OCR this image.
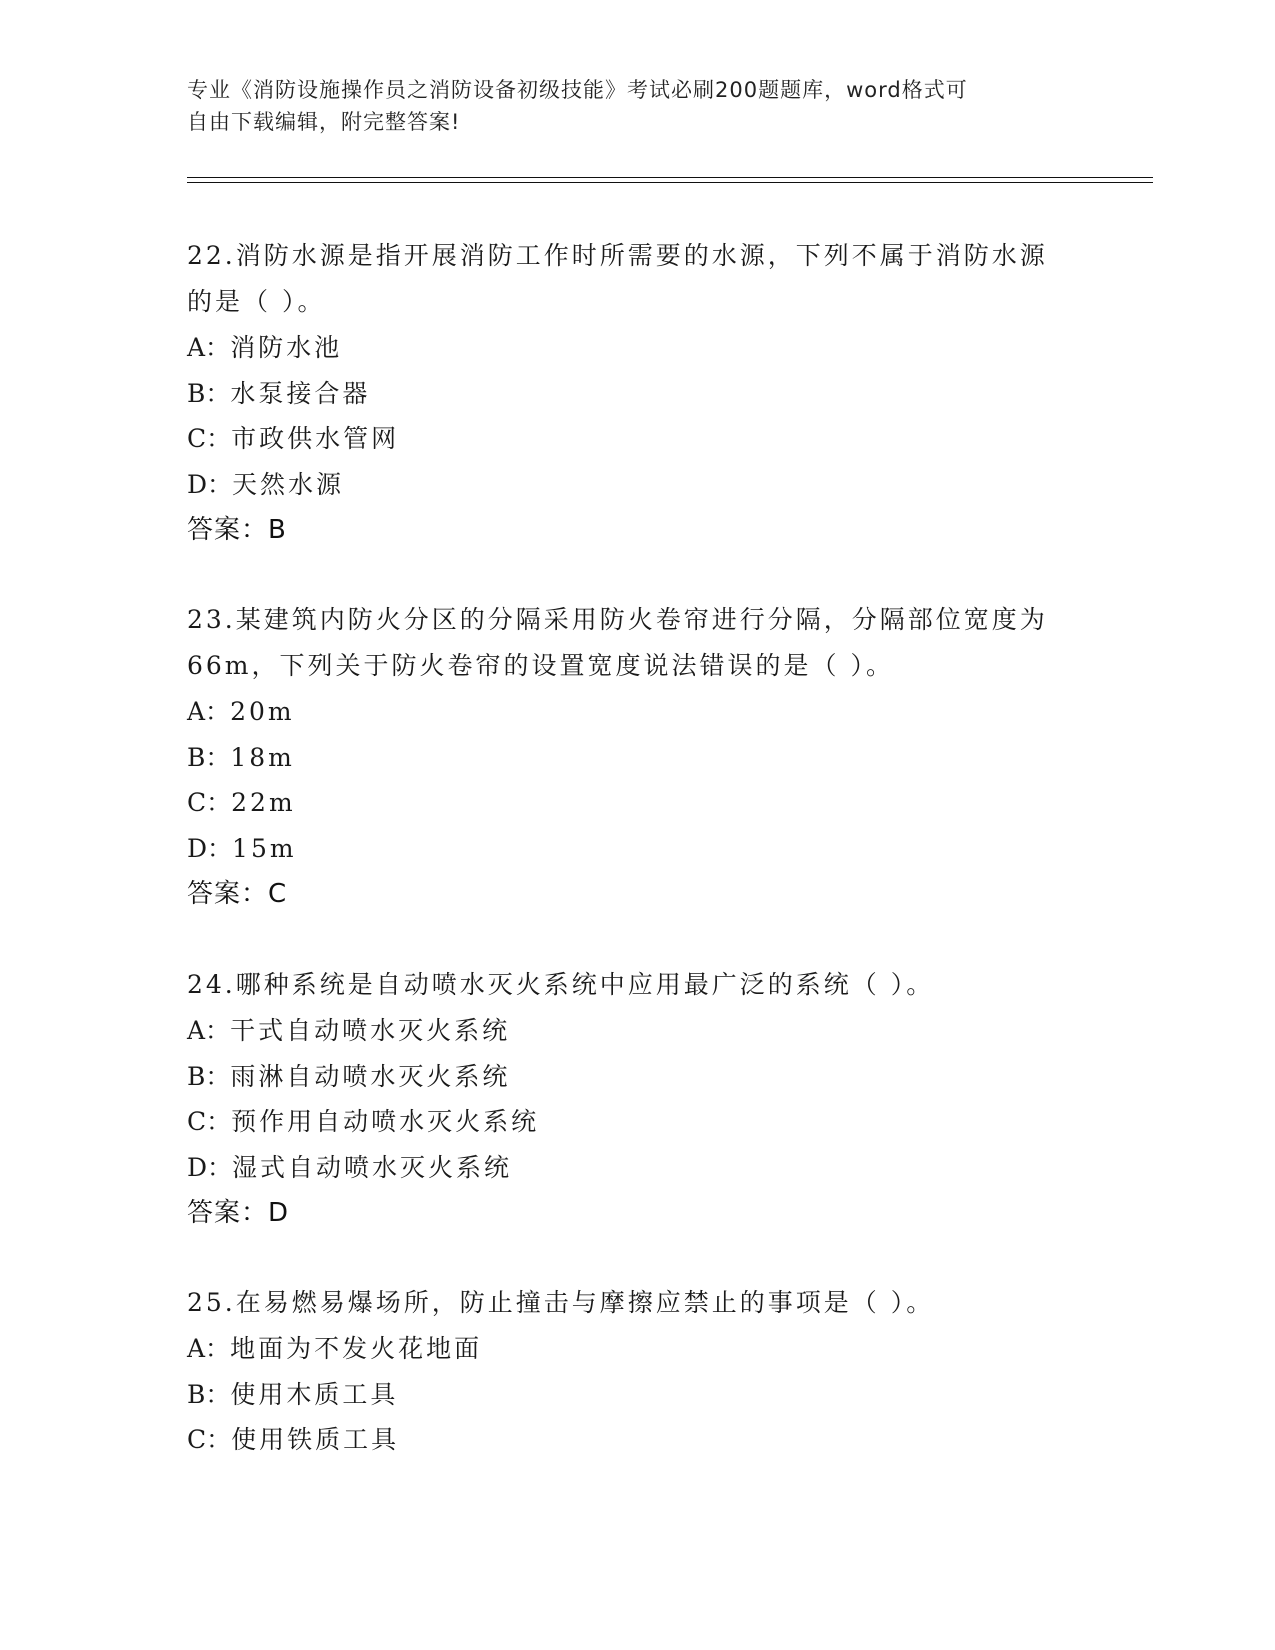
专业《消防设施操作员之消防设备初级技能》考试必刷200题题库，word格式可
自由下载编辑，附完整答案!

22.消防水源是指开展消防工作时所需要的水源，下列不属于消防水源
的是（ ）。

A：消防水池

B：水泵接合器

C：市政供水管网

D：天然水源

答案：B

23.某建筑内防火分区的分隔采用防火卷帘进行分隔，分隔部位宽度为
66m，下列关于防火卷帘的设置宽度说法错误的是（ ）。

A：20m

B：18m

C：22m

D：15m

答案：C

24.哪种系统是自动喷水灭火系统中应用最广泛的系统（ ）。

A：干式自动喷水灭火系统

B：雨淋自动喷水灭火系统

C：预作用自动喷水灭火系统

D：湿式自动喷水灭火系统

答案：D

25.在易燃易爆场所，防止撞击与摩擦应禁止的事项是（ ）。

A：地面为不发火花地面

B：使用木质工具

C：使用铁质工具
